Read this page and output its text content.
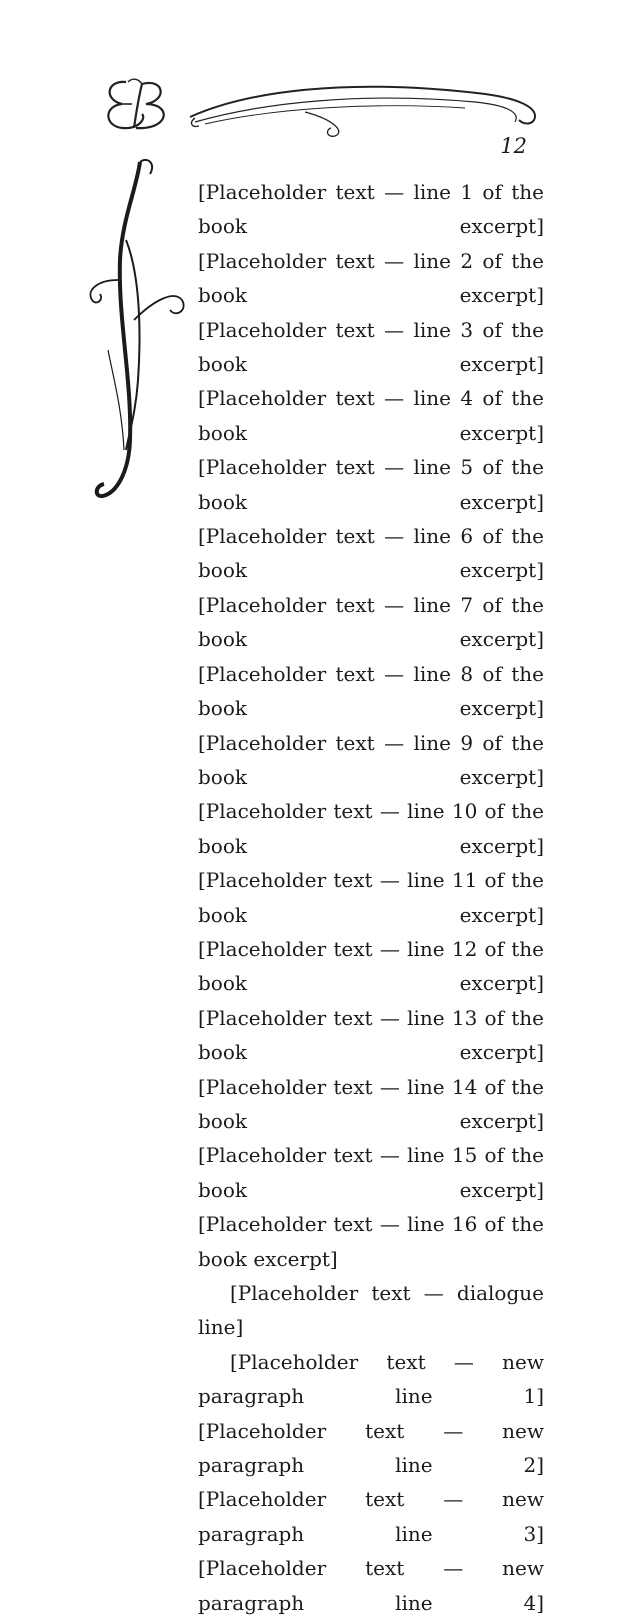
12

[Placeholder text — line 1 of the book excerpt]

[Placeholder text — line 2 of the book excerpt]

[Placeholder text — line 3 of the book excerpt]

[Placeholder text — line 4 of the book excerpt]

[Placeholder text — line 5 of the book excerpt]

[Placeholder text — line 6 of the book excerpt]

[Placeholder text — line 7 of the book excerpt]

[Placeholder text — line 8 of the book excerpt]

[Placeholder text — line 9 of the book excerpt]

[Placeholder text — line 10 of the book excerpt]

[Placeholder text — line 11 of the book excerpt]

[Placeholder text — line 12 of the book excerpt]

[Placeholder text — line 13 of the book excerpt]

[Placeholder text — line 14 of the book excerpt]

[Placeholder text — line 15 of the book excerpt]

[Placeholder text — line 16 of the book excerpt]

[Placeholder text — dialogue line]

[Placeholder text — new paragraph line 1]

[Placeholder text — new paragraph line 2]

[Placeholder text — new paragraph line 3]

[Placeholder text — new paragraph line 4]
